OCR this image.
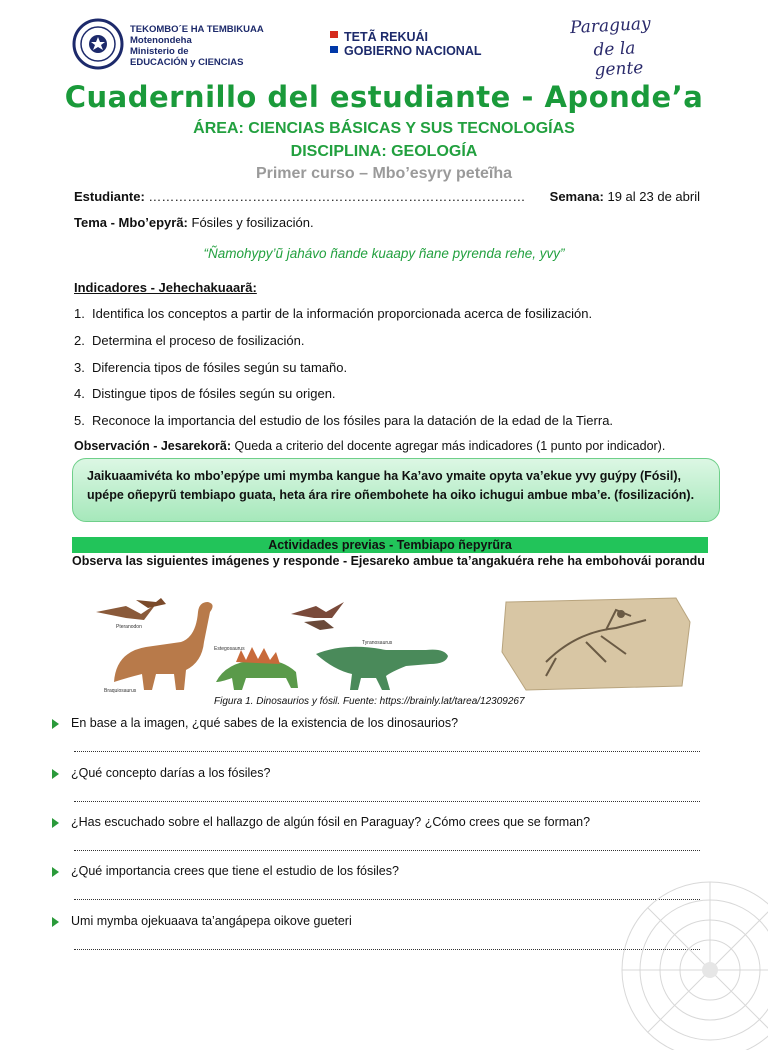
TEKOMBO´E HA TEMBIKUAA
Motenondeha
Ministerio de
EDUCACIÓN y CIENCIAS
TETÃ REKUÁI
GOBIERNO NACIONAL
Paraguay
de la gente
Cuadernillo del estudiante - Aponde’a
ÁREA: CIENCIAS BÁSICAS Y SUS TECNOLOGÍAS
DISCIPLINA: GEOLOGÍA
Primer curso – Mbo’esyry peteĩha
Estudiante: …………………………………………………………………………… Semana: 19 al 23 de abril
Tema - Mbo’epyrã: Fósiles y fosilización.
“Ñamohypy’ũ jahávo ñande kuaapy ñane pyrenda rehe, yvy”
Indicadores - Jehechakuaarã:
1. Identifica los conceptos a partir de la información proporcionada acerca de fosilización.
2. Determina el proceso de fosilización.
3. Diferencia tipos de fósiles según su tamaño.
4. Distingue tipos de fósiles según su origen.
5. Reconoce la importancia del estudio de los fósiles para la datación de la edad de la Tierra.
Observación - Jesarekorã: Queda a criterio del docente agregar más indicadores (1 punto por indicador).
Jaikuaamivéta ko mbo’epýpe umi mymba kangue ha Ka’avo ymaite opyta va’ekue yvy guýpy (Fósil), upépe oñepyrũ tembiapo guata, heta ára rire oñembohete ha oiko ichugui ambue mba’e. (fosilización).
Actividades previas - Tembiapo ñepyrũra
Observa las siguientes imágenes y responde - Ejesareko ambue ta’angakuéra rehe ha embohovái porandu
Pteranodon
Braquiosaurus
Estegosaurus
Tyranosaurus
Figura 1. Dinosaurios y fósil. Fuente: https://brainly.lat/tarea/12309267
En base a la imagen, ¿qué sabes de la existencia de los dinosaurios?
¿Qué concepto darías a los fósiles?
¿Has escuchado sobre el hallazgo de algún fósil en Paraguay? ¿Cómo crees que se forman?
¿Qué importancia crees que tiene el estudio de los fósiles?
Umi mymba ojekuaava ta’angápepa oikove gueteri
